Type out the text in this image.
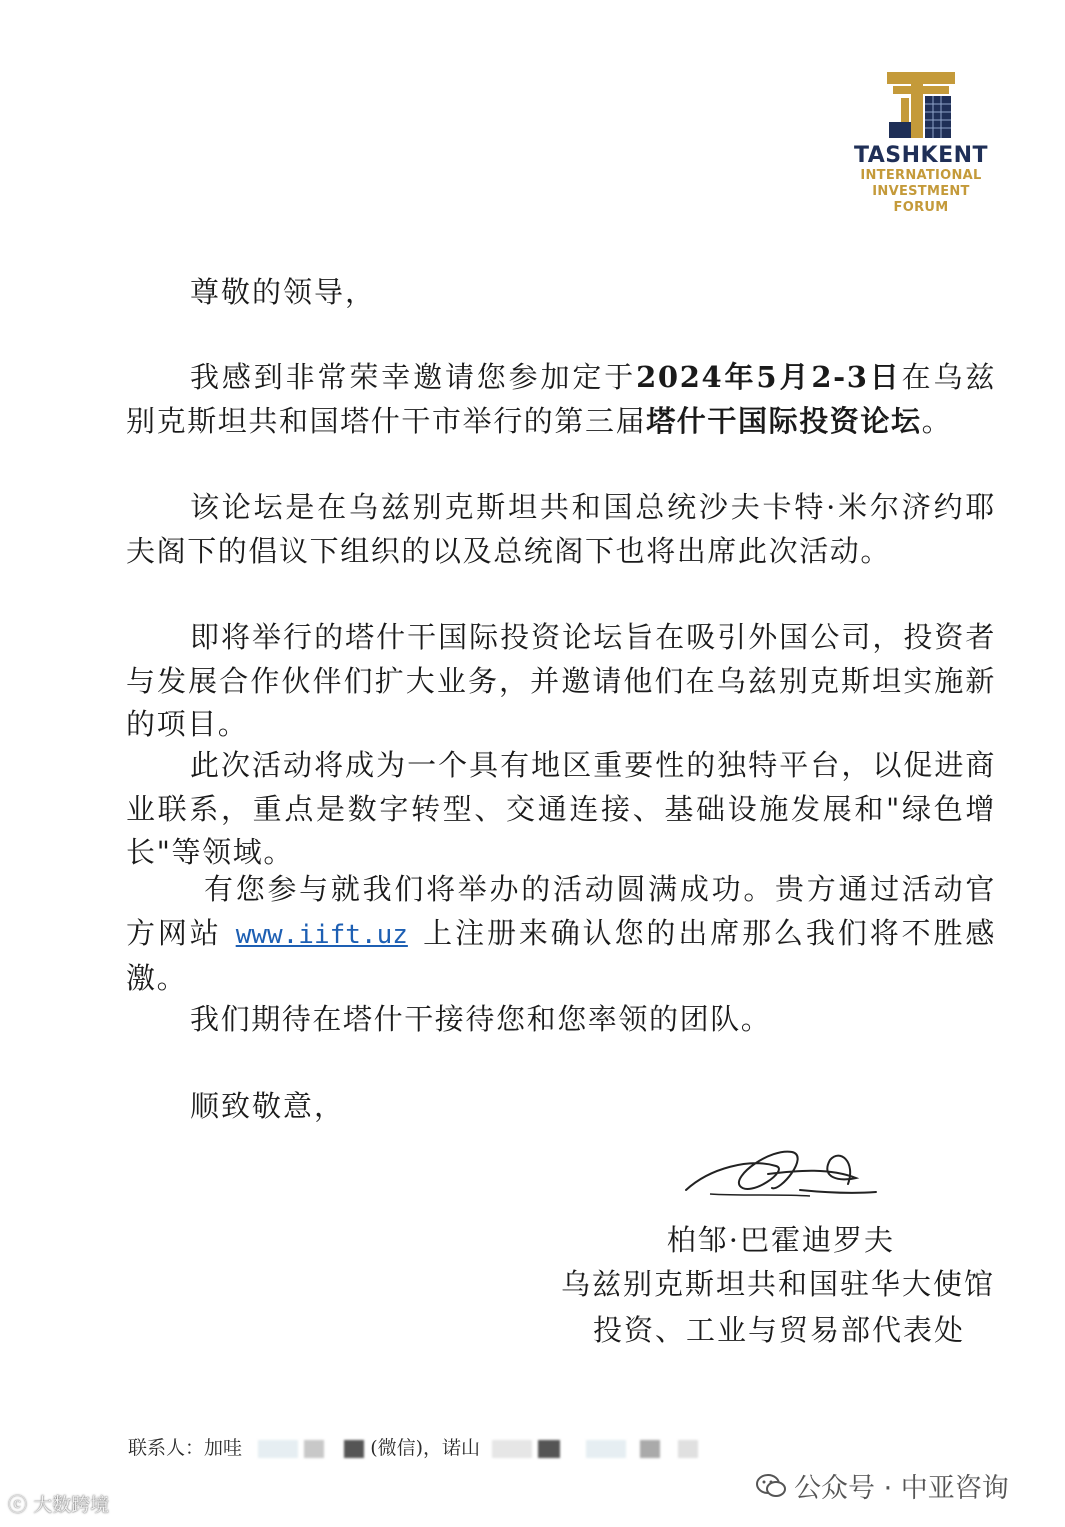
TASHKENT
INTERNATIONAL
INVESTMENT
FORUM
尊敬的领导，
我感到非常荣幸邀请您参加定于2024年5月2-3日在乌兹别克斯坦共和国塔什干市举行的第三届塔什干国际投资论坛。
该论坛是在乌兹别克斯坦共和国总统沙夫卡特·米尔济约耶夫阁下的倡议下组织的以及总统阁下也将出席此次活动。
即将举行的塔什干国际投资论坛旨在吸引外国公司，投资者与发展合作伙伴们扩大业务，并邀请他们在乌兹别克斯坦实施新的项目。
此次活动将成为一个具有地区重要性的独特平台，以促进商业联系，重点是数字转型、交通连接、基础设施发展和"绿色增长"等领域。
有您参与就我们将举办的活动圆满成功。贵方通过活动官方网站 www.iift.uz 上注册来确认您的出席那么我们将不胜感激。
我们期待在塔什干接待您和您率领的团队。
顺致敬意，
柏邹·巴霍迪罗夫
乌兹别克斯坦共和国驻华大使馆
投资、工业与贸易部代表处
联系人：加哇	(微信)，诺山
ⓒ 大数跨境
公众号 · 中亚咨询
